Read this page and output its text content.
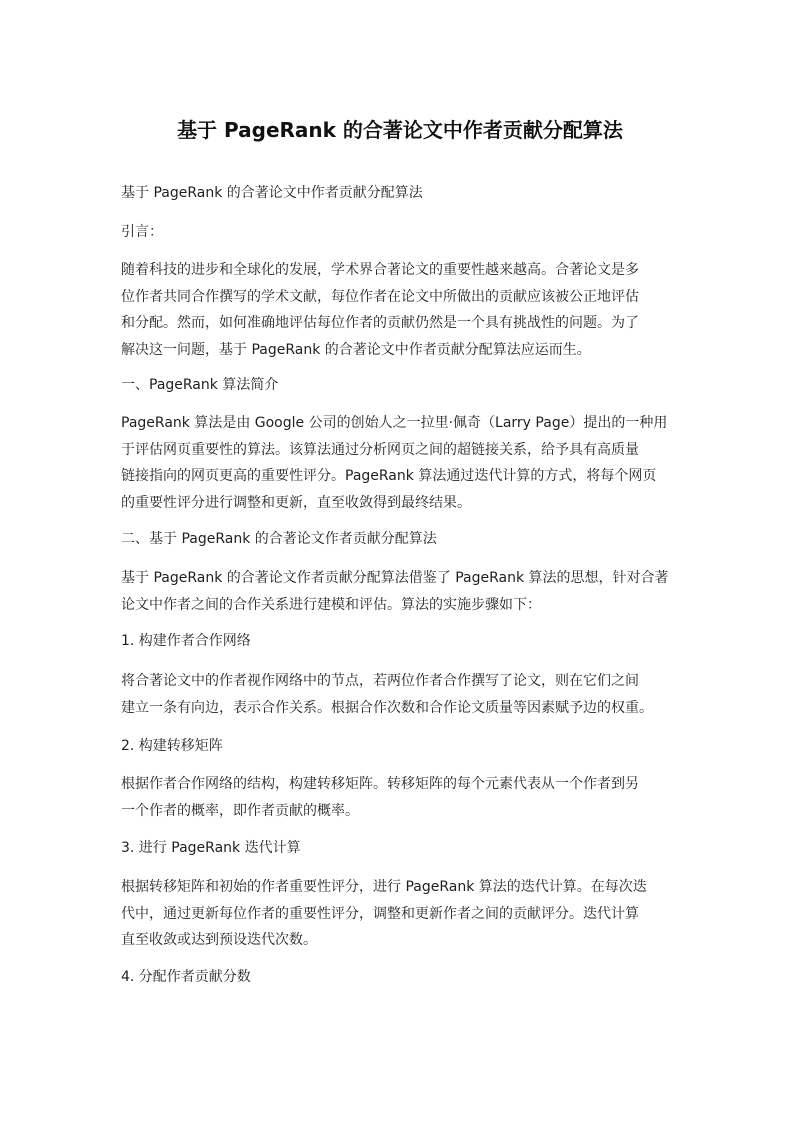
基于 PageRank 的合著论文中作者贡献分配算法
基于 PageRank 的合著论文中作者贡献分配算法
引言：
随着科技的进步和全球化的发展，学术界合著论文的重要性越来越高。合著论文是多
位作者共同合作撰写的学术文献，每位作者在论文中所做出的贡献应该被公正地评估
和分配。然而，如何准确地评估每位作者的贡献仍然是一个具有挑战性的问题。为了
解决这一问题，基于 PageRank 的合著论文中作者贡献分配算法应运而生。
一、PageRank 算法简介
PageRank 算法是由 Google 公司的创始人之一拉里·佩奇（Larry Page）提出的一种用
于评估网页重要性的算法。该算法通过分析网页之间的超链接关系，给予具有高质量
链接指向的网页更高的重要性评分。PageRank 算法通过迭代计算的方式，将每个网页
的重要性评分进行调整和更新，直至收敛得到最终结果。
二、基于 PageRank 的合著论文作者贡献分配算法
基于 PageRank 的合著论文作者贡献分配算法借鉴了 PageRank 算法的思想，针对合著
论文中作者之间的合作关系进行建模和评估。算法的实施步骤如下：
1. 构建作者合作网络
将合著论文中的作者视作网络中的节点，若两位作者合作撰写了论文，则在它们之间
建立一条有向边，表示合作关系。根据合作次数和合作论文质量等因素赋予边的权重。
2. 构建转移矩阵
根据作者合作网络的结构，构建转移矩阵。转移矩阵的每个元素代表从一个作者到另
一个作者的概率，即作者贡献的概率。
3. 进行 PageRank 迭代计算
根据转移矩阵和初始的作者重要性评分，进行 PageRank 算法的迭代计算。在每次迭
代中，通过更新每位作者的重要性评分，调整和更新作者之间的贡献评分。迭代计算
直至收敛或达到预设迭代次数。
4. 分配作者贡献分数
